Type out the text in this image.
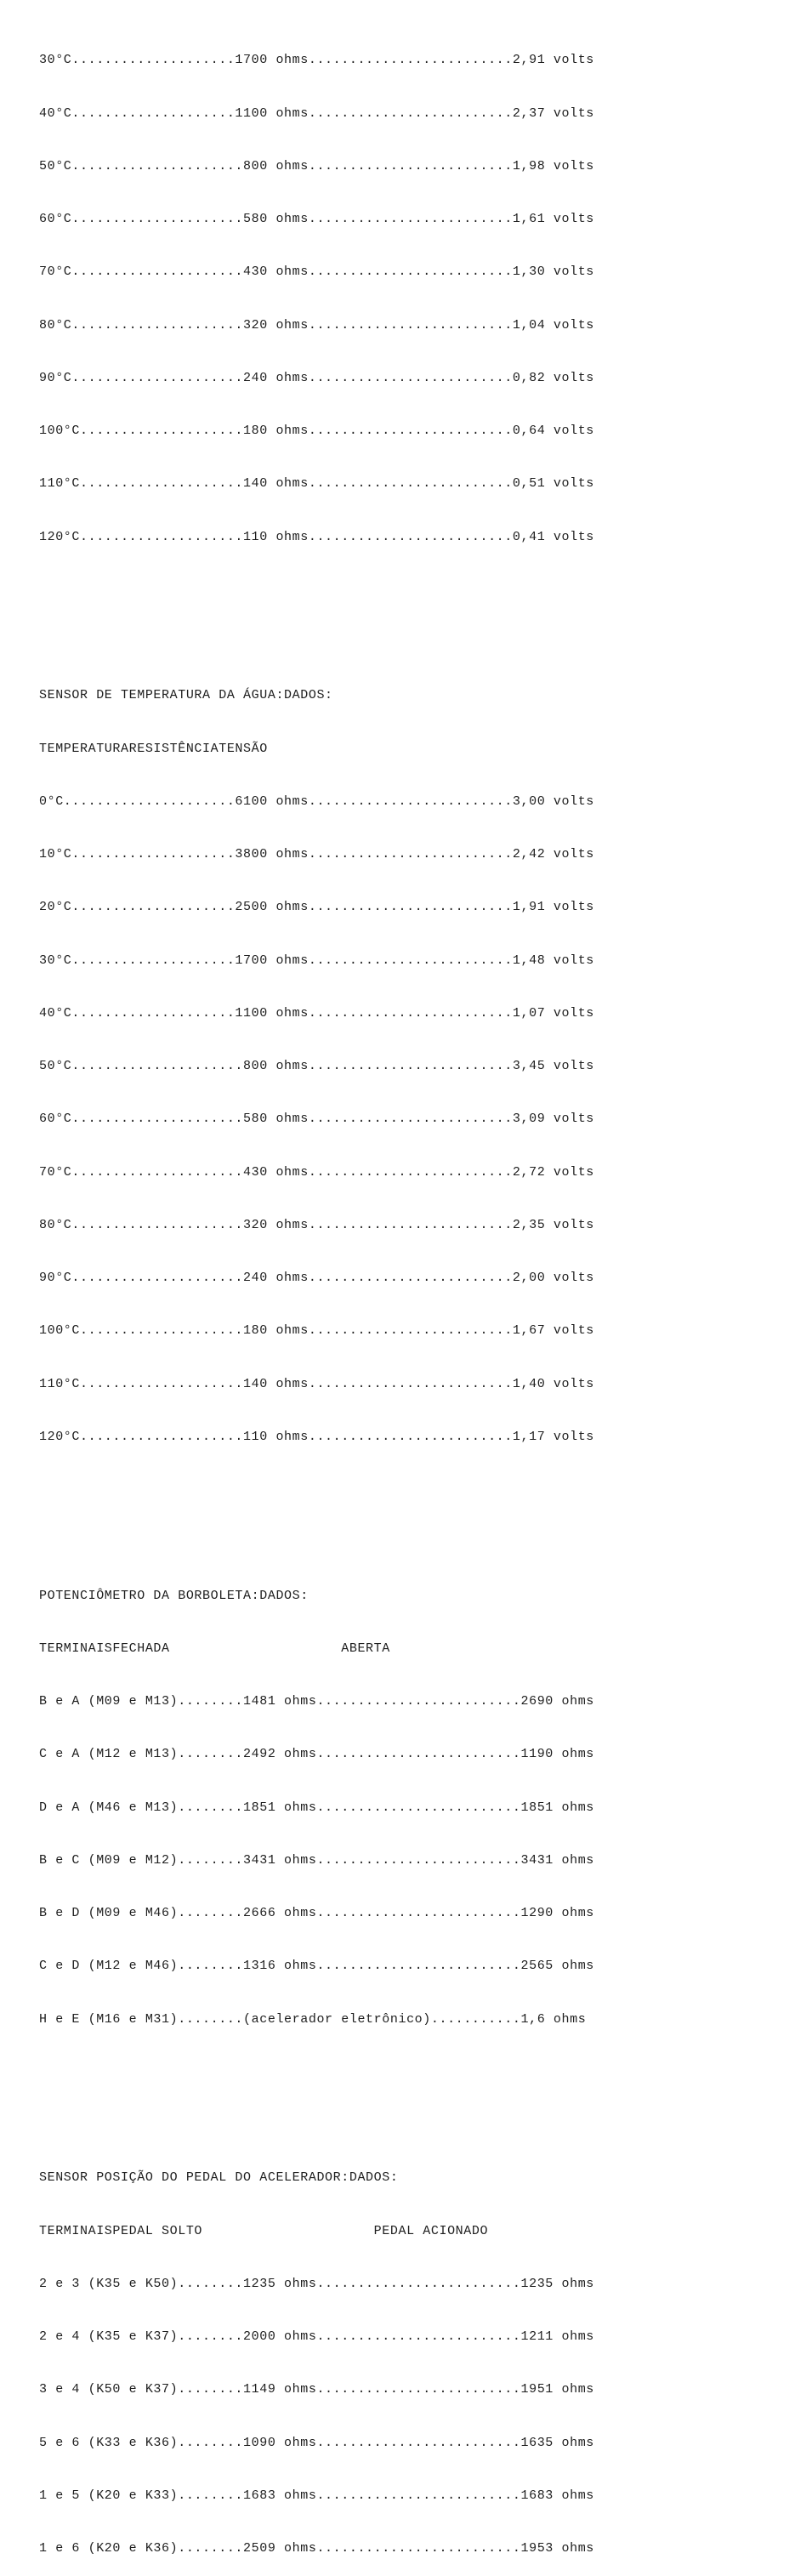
30°C....................1700 ohms.........................2,91 volts

40°C....................1100 ohms.........................2,37 volts

50°C.....................800 ohms.........................1,98 volts

60°C.....................580 ohms.........................1,61 volts

70°C.....................430 ohms.........................1,30 volts

80°C.....................320 ohms.........................1,04 volts

90°C.....................240 ohms.........................0,82 volts

100°C....................180 ohms.........................0,64 volts

110°C....................140 ohms.........................0,51 volts

120°C....................110 ohms.........................0,41 volts

SENSOR DE TEMPERATURA DA ÁGUA:DADOS:

TEMPERATURARESISTÊNCIATENSÃO

0°C.....................6100 ohms.........................3,00 volts

10°C....................3800 ohms.........................2,42 volts

20°C....................2500 ohms.........................1,91 volts

30°C....................1700 ohms.........................1,48 volts

40°C....................1100 ohms.........................1,07 volts

50°C.....................800 ohms.........................3,45 volts

60°C.....................580 ohms.........................3,09 volts

70°C.....................430 ohms.........................2,72 volts

80°C.....................320 ohms.........................2,35 volts

90°C.....................240 ohms.........................2,00 volts

100°C....................180 ohms.........................1,67 volts

110°C....................140 ohms.........................1,40 volts

120°C....................110 ohms.........................1,17 volts

POTENCIÔMETRO DA BORBOLETA:DADOS:

TERMINAISFECHADA                     ABERTA

B e A (M09 e M13)........1481 ohms.........................2690 ohms

C e A (M12 e M13)........2492 ohms.........................1190 ohms

D e A (M46 e M13)........1851 ohms.........................1851 ohms

B e C (M09 e M12)........3431 ohms.........................3431 ohms

B e D (M09 e M46)........2666 ohms.........................1290 ohms

C e D (M12 e M46)........1316 ohms.........................2565 ohms

H e E (M16 e M31)........(acelerador eletrônico)...........1,6 ohms

SENSOR POSIÇÃO DO PEDAL DO ACELERADOR:DADOS:

TERMINAISPEDAL SOLTO                     PEDAL ACIONADO

2 e 3 (K35 e K50)........1235 ohms.........................1235 ohms

2 e 4 (K35 e K37)........2000 ohms.........................1211 ohms

3 e 4 (K50 e K37)........1149 ohms.........................1951 ohms

5 e 6 (K33 e K36)........1090 ohms.........................1635 ohms

1 e 5 (K20 e K33)........1683 ohms.........................1683 ohms

1 e 6 (K20 e K36)........2509 ohms.........................1953 ohms
